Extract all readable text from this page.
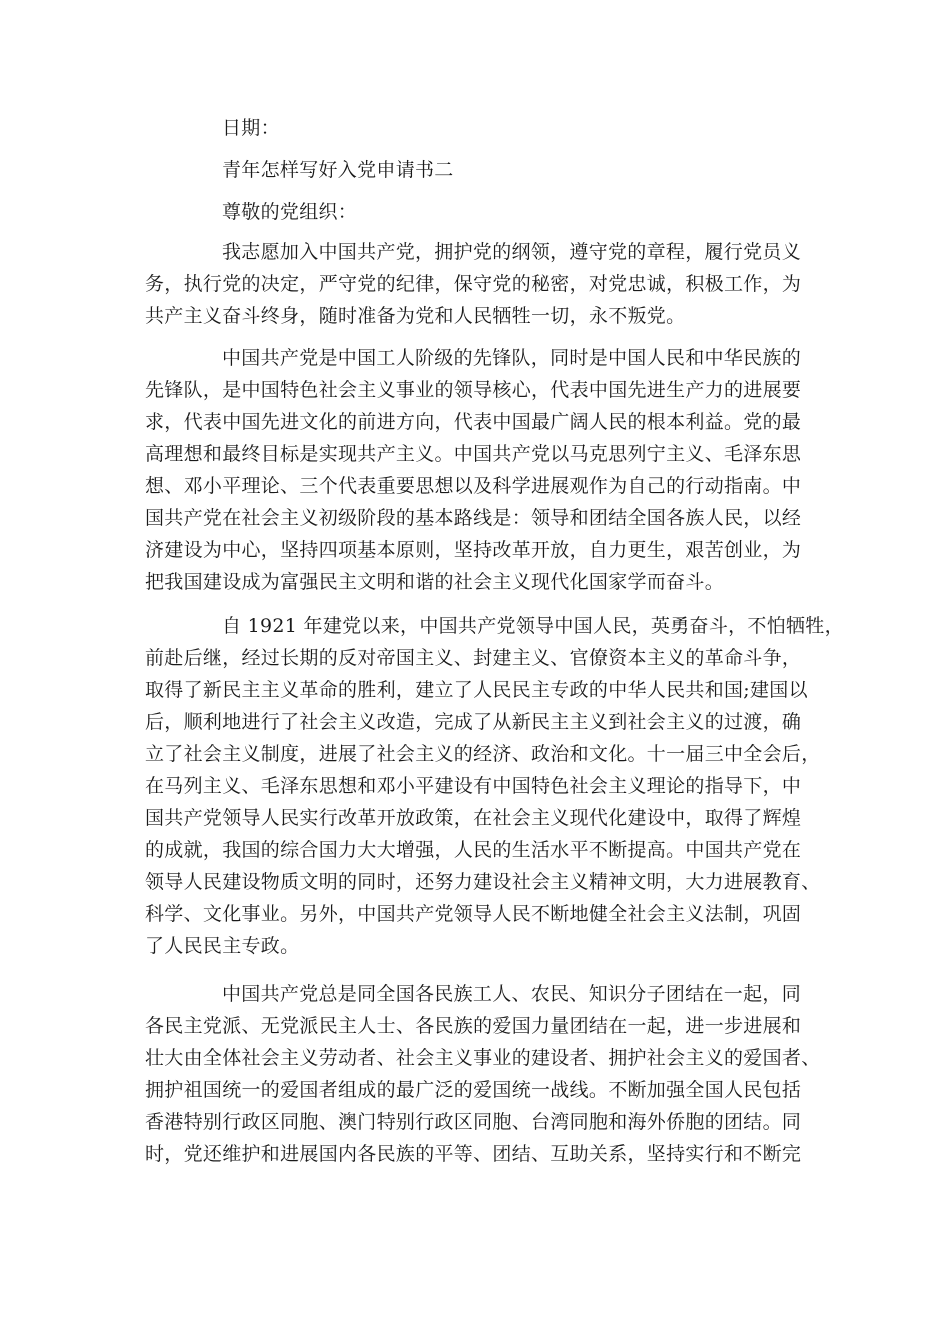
日期：

青年怎样写好入党申请书二

尊敬的党组织：

我志愿加入中国共产党，拥护党的纲领，遵守党的章程，履行党员义

务，执行党的决定，严守党的纪律，保守党的秘密，对党忠诚，积极工作，为

共产主义奋斗终身，随时准备为党和人民牺牲一切，永不叛党。

中国共产党是中国工人阶级的先锋队，同时是中国人民和中华民族的

先锋队，是中国特色社会主义事业的领导核心，代表中国先进生产力的进展要

求，代表中国先进文化的前进方向，代表中国最广阔人民的根本利益。党的最

高理想和最终目标是实现共产主义。中国共产党以马克思列宁主义、毛泽东思

想、邓小平理论、三个代表重要思想以及科学进展观作为自己的行动指南。中

国共产党在社会主义初级阶段的基本路线是：领导和团结全国各族人民，以经

济建设为中心，坚持四项基本原则，坚持改革开放，自力更生，艰苦创业，为

把我国建设成为富强民主文明和谐的社会主义现代化国家学而奋斗。

自 1921 年建党以来，中国共产党领导中国人民，英勇奋斗，不怕牺牲，

前赴后继，经过长期的反对帝国主义、封建主义、官僚资本主义的革命斗争，

取得了新民主主义革命的胜利，建立了人民民主专政的中华人民共和国;建国以

后，顺利地进行了社会主义改造，完成了从新民主主义到社会主义的过渡，确

立了社会主义制度，进展了社会主义的经济、政治和文化。十一届三中全会后，

在马列主义、毛泽东思想和邓小平建设有中国特色社会主义理论的指导下，中

国共产党领导人民实行改革开放政策，在社会主义现代化建设中，取得了辉煌

的成就，我国的综合国力大大增强，人民的生活水平不断提高。中国共产党在

领导人民建设物质文明的同时，还努力建设社会主义精神文明，大力进展教育、

科学、文化事业。另外，中国共产党领导人民不断地健全社会主义法制，巩固

了人民民主专政。

中国共产党总是同全国各民族工人、农民、知识分子团结在一起，同

各民主党派、无党派民主人士、各民族的爱国力量团结在一起，进一步进展和

壮大由全体社会主义劳动者、社会主义事业的建设者、拥护社会主义的爱国者、

拥护祖国统一的爱国者组成的最广泛的爱国统一战线。不断加强全国人民包括

香港特别行政区同胞、澳门特别行政区同胞、台湾同胞和海外侨胞的团结。同

时，党还维护和进展国内各民族的平等、团结、互助关系，坚持实行和不断完
